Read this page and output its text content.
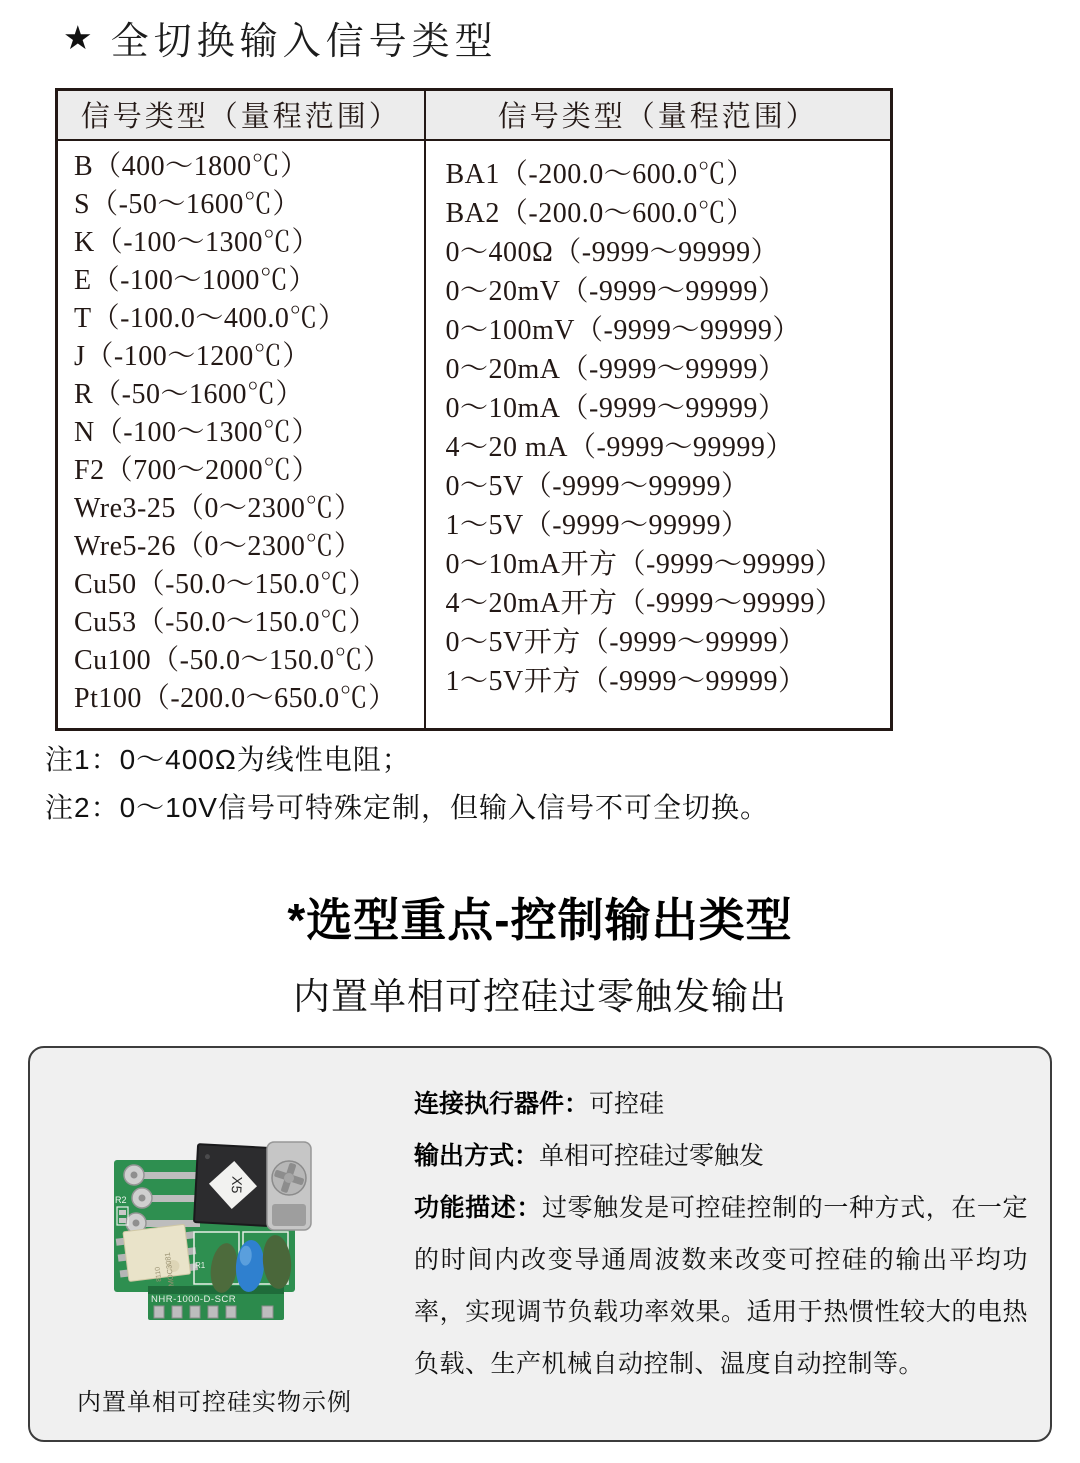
★ 全切换输入信号类型
信号类型（量程范围）	信号类型（量程范围）

B（400～1800℃）
S（-50～1600℃）
K（-100～1300℃）
E（-100～1000℃）
T（-100.0～400.0℃）
J（-100～1200℃）
R（-50～1600℃）
N（-100～1300℃）
F2（700～2000℃）
Wre3-25（0～2300℃）
Wre5-26（0～2300℃）
Cu50（-50.0～150.0℃）
Cu53（-50.0～150.0℃）
Cu100（-50.0～150.0℃）
Pt100（-200.0～650.0℃）

BA1（-200.0～600.0℃）
BA2（-200.0～600.0℃）
0～400Ω（-9999～99999）
0～20mV（-9999～99999）
0～100mV（-9999～99999）
0～20mA（-9999～99999）
0～10mA（-9999～99999）
4～20 mA（-9999～99999）
0～5V（-9999～99999）
1～5V（-9999～99999）
0～10mA开方（-9999～99999）
4～20mA开方（-9999～99999）
0～5V开方（-9999～99999）
1～5V开方（-9999～99999）
注1：0～400Ω为线性电阻；
注2：0～10V信号可特殊定制，但输入信号不可全切换。
*选型重点-控制输出类型
内置单相可控硅过零触发输出
R2
MOC3081
8110
X5
R1
NHR-1000-D-SCR
内置单相可控硅实物示例
连接执行器件：可控硅
输出方式：单相可控硅过零触发
功能描述：过零触发是可控硅控制的一种方式，在一定的时间内改变导通周波数来改变可控硅的输出平均功率，实现调节负载功率效果。适用于热惯性较大的电热负载、生产机械自动控制、温度自动控制等。
